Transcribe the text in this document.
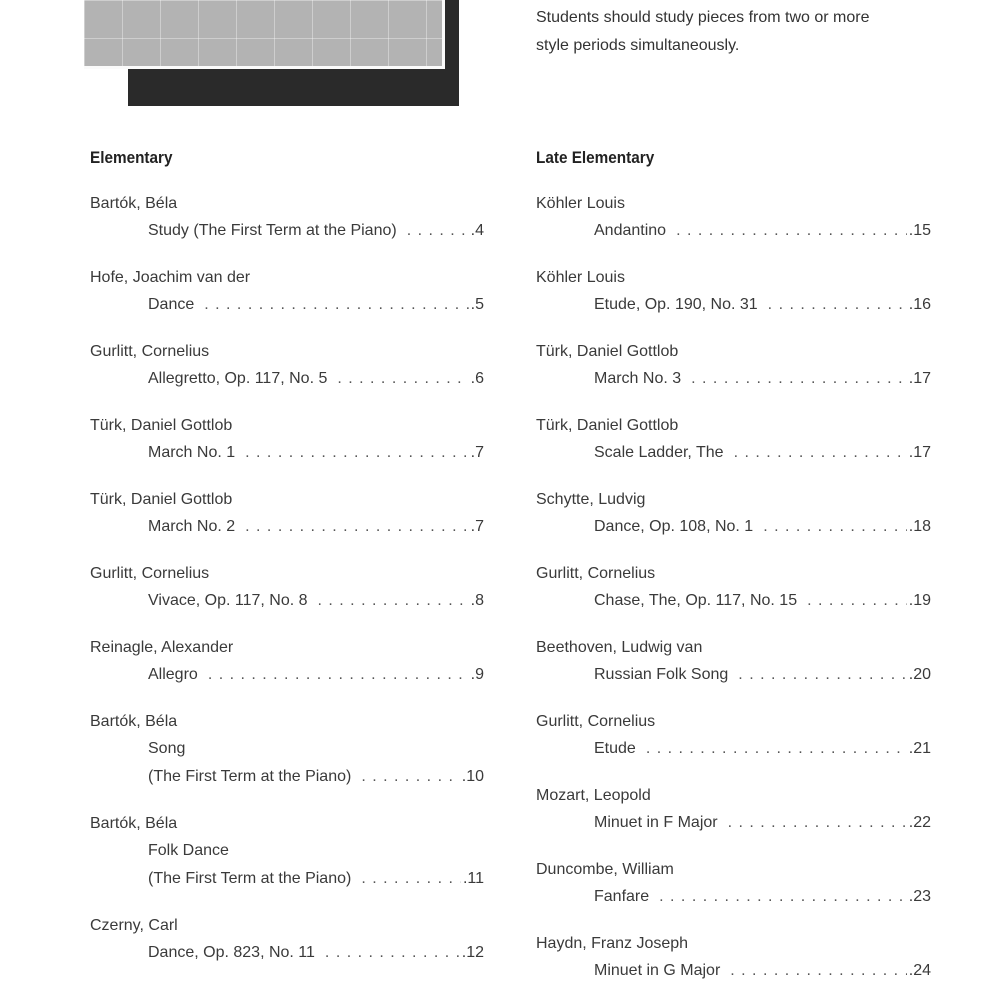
Students should study pieces from two or more

style periods simultaneously.

Elementary
Bartók, Béla
Study (The First Term at the Piano) . . .	.4
Hofe, Joachim van der
Dance . . .	.5
Gurlitt, Cornelius
Allegretto, Op. 117, No. 5 . . .	.6
Türk, Daniel Gottlob
March No. 1 . . .	.7
Türk, Daniel Gottlob
March No. 2 . . .	.7
Gurlitt, Cornelius
Vivace, Op. 117, No. 8 . . .	.8
Reinagle, Alexander
Allegro . . .	.9
Bartók, Béla
Song
(The First Term at the Piano) . . .	.10
Bartók, Béla
Folk Dance
(The First Term at the Piano) . . .	.11
Czerny, Carl
Dance, Op. 823, No. 11 . . .	.12
Late Elementary
Köhler Louis
Andantino . . .	.15
Köhler Louis
Etude, Op. 190, No. 31 . . .	.16
Türk, Daniel Gottlob
March No. 3 . . .	.17
Türk, Daniel Gottlob
Scale Ladder, The . . .	.17
Schytte, Ludvig
Dance, Op. 108, No. 1 . . .	.18
Gurlitt, Cornelius
Chase, The, Op. 117, No. 15 . . .	.19
Beethoven, Ludwig van
Russian Folk Song . . .	.20
Gurlitt, Cornelius
Etude . . .	.21
Mozart, Leopold
Minuet in F Major . . .	.22
Duncombe, William
Fanfare . . .	.23
Haydn, Franz Joseph
Minuet in G Major . . .	.24
